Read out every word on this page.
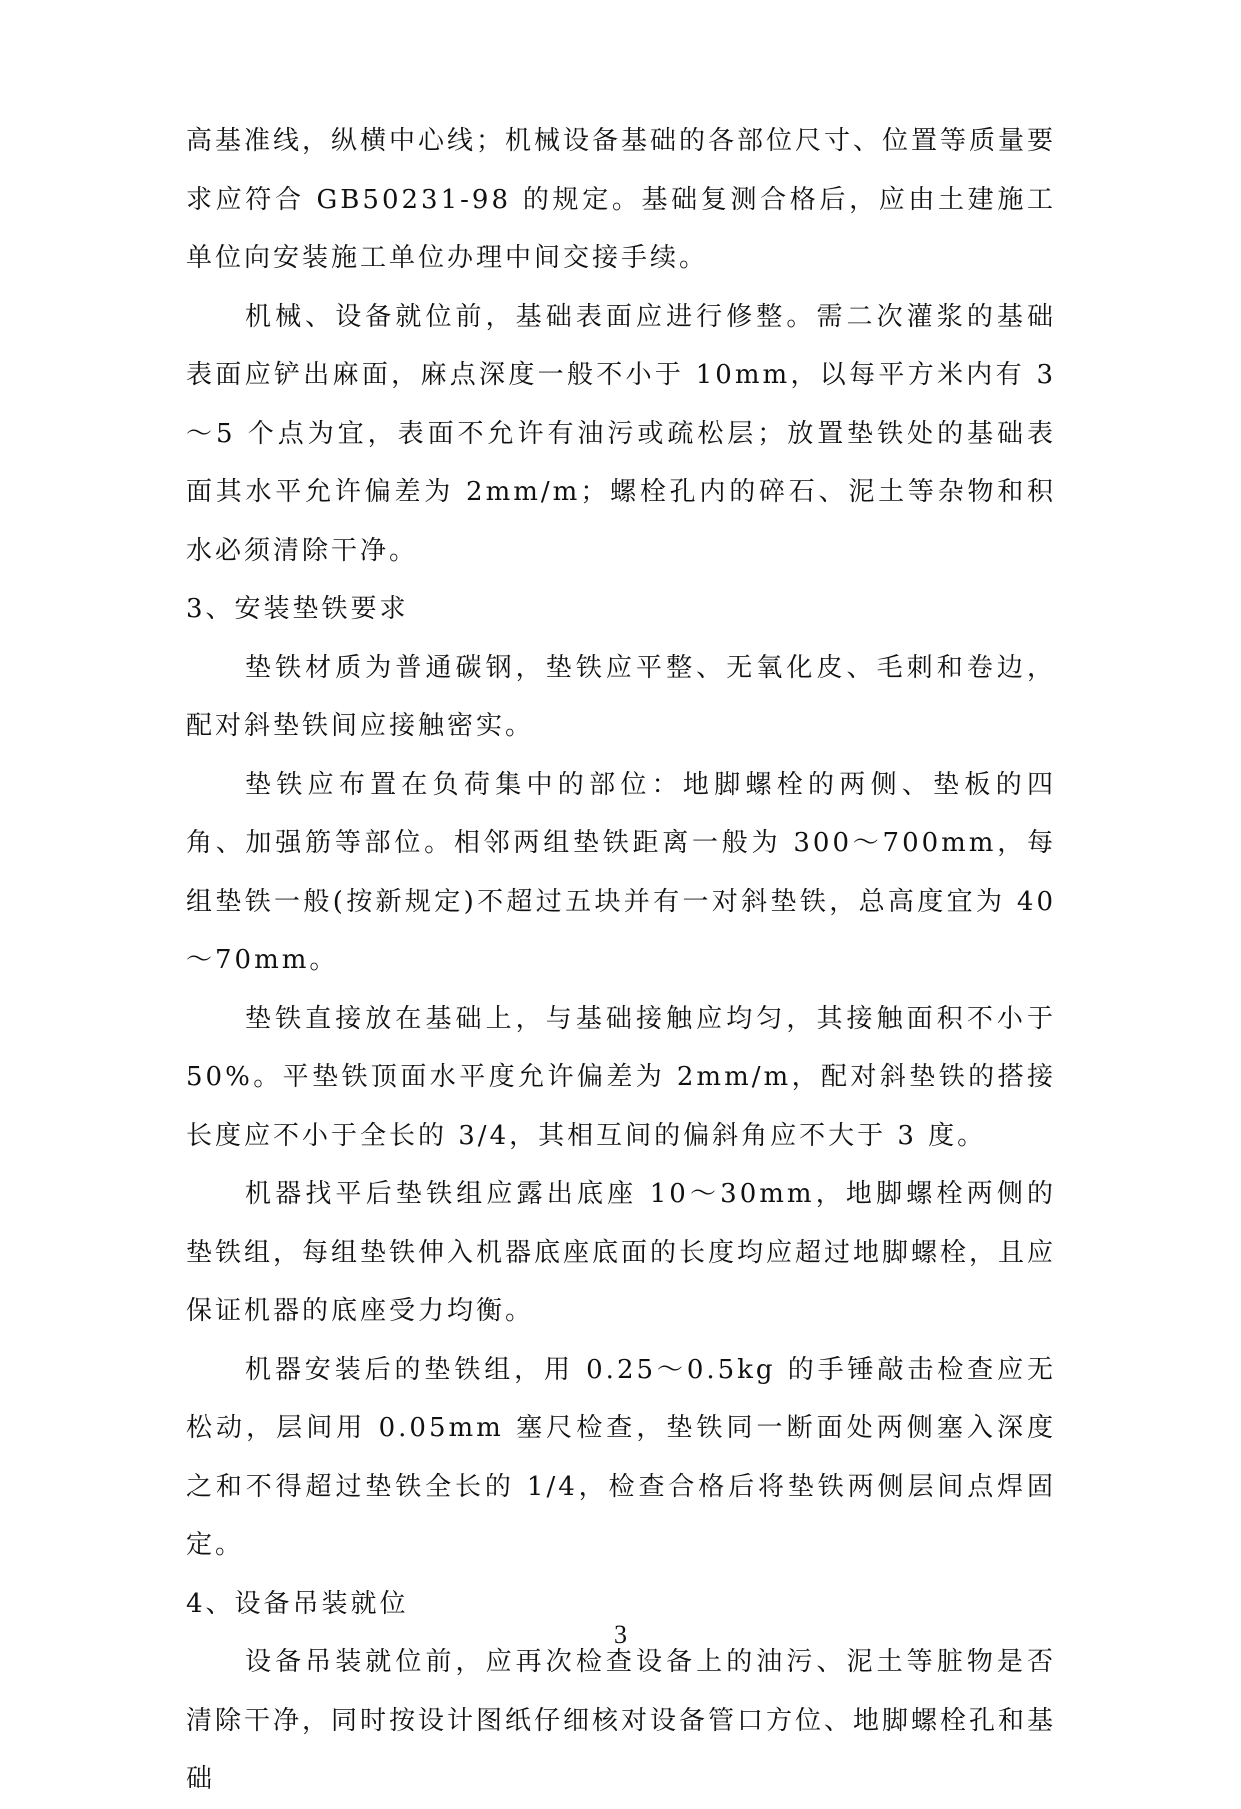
高基准线，纵横中心线；机械设备基础的各部位尺寸、位置等质量要求应符合 GB50231-98 的规定。基础复测合格后，应由土建施工单位向安装施工单位办理中间交接手续。

机械、设备就位前，基础表面应进行修整。需二次灌浆的基础表面应铲出麻面，麻点深度一般不小于 10mm，以每平方米内有 3～5 个点为宜，表面不允许有油污或疏松层；放置垫铁处的基础表面其水平允许偏差为 2mm/m；螺栓孔内的碎石、泥土等杂物和积水必须清除干净。

3、安装垫铁要求

垫铁材质为普通碳钢，垫铁应平整、无氧化皮、毛刺和卷边，配对斜垫铁间应接触密实。

垫铁应布置在负荷集中的部位：地脚螺栓的两侧、垫板的四角、加强筋等部位。相邻两组垫铁距离一般为 300～700mm，每组垫铁一般(按新规定)不超过五块并有一对斜垫铁，总高度宜为 40～70mm。

垫铁直接放在基础上，与基础接触应均匀，其接触面积不小于 50%。平垫铁顶面水平度允许偏差为 2mm/m，配对斜垫铁的搭接长度应不小于全长的 3/4，其相互间的偏斜角应不大于 3 度。

机器找平后垫铁组应露出底座 10～30mm，地脚螺栓两侧的垫铁组，每组垫铁伸入机器底座底面的长度均应超过地脚螺栓，且应保证机器的底座受力均衡。

机器安装后的垫铁组，用 0.25～0.5kg 的手锤敲击检查应无松动，层间用 0.05mm 塞尺检查，垫铁同一断面处两侧塞入深度之和不得超过垫铁全长的 1/4，检查合格后将垫铁两侧层间点焊固定。

4、设备吊装就位

设备吊装就位前，应再次检查设备上的油污、泥土等脏物是否清除干净，同时按设计图纸仔细核对设备管口方位、地脚螺栓孔和基础

3
